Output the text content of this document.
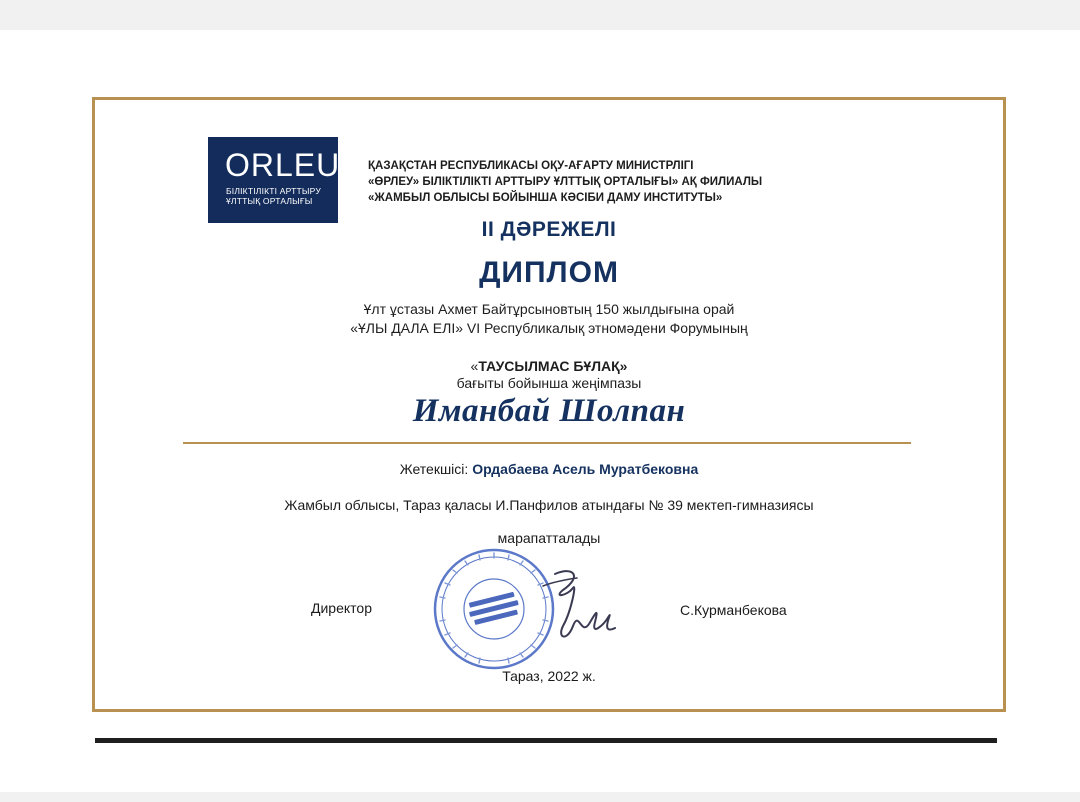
ORLEU
БІЛІКТІЛІКТІ АРТТЫРУ
ҰЛТТЫҚ ОРТАЛЫҒЫ
ҚАЗАҚСТАН РЕСПУБЛИКАСЫ ОҚУ-АҒАРТУ МИНИСТРЛІГІ
«ӨРЛЕУ» БІЛІКТІЛІКТІ АРТТЫРУ ҰЛТТЫҚ ОРТАЛЫҒЫ» АҚ ФИЛИАЛЫ
«ЖАМБЫЛ ОБЛЫСЫ БОЙЫНША КӘСІБИ ДАМУ ИНСТИТУТЫ»
II ДӘРЕЖЕЛІ
ДИПЛОМ
Ұлт ұстазы Ахмет Байтұрсыновтың 150 жылдығына орай
«ҰЛЫ ДАЛА ЕЛІ» VI Республикалық этномәдени Форумының
«ТАУСЫЛМАС БҰЛАҚ»
бағыты бойынша жеңімпазы
Иманбай Шолпан
Жетекшісі: Ордабаева Асель Муратбековна
Жамбыл облысы, Тараз қаласы И.Панфилов атындағы № 39 мектеп-гимназиясы
марапатталады
Директор	С.Курманбекова
Тараз, 2022 ж.
